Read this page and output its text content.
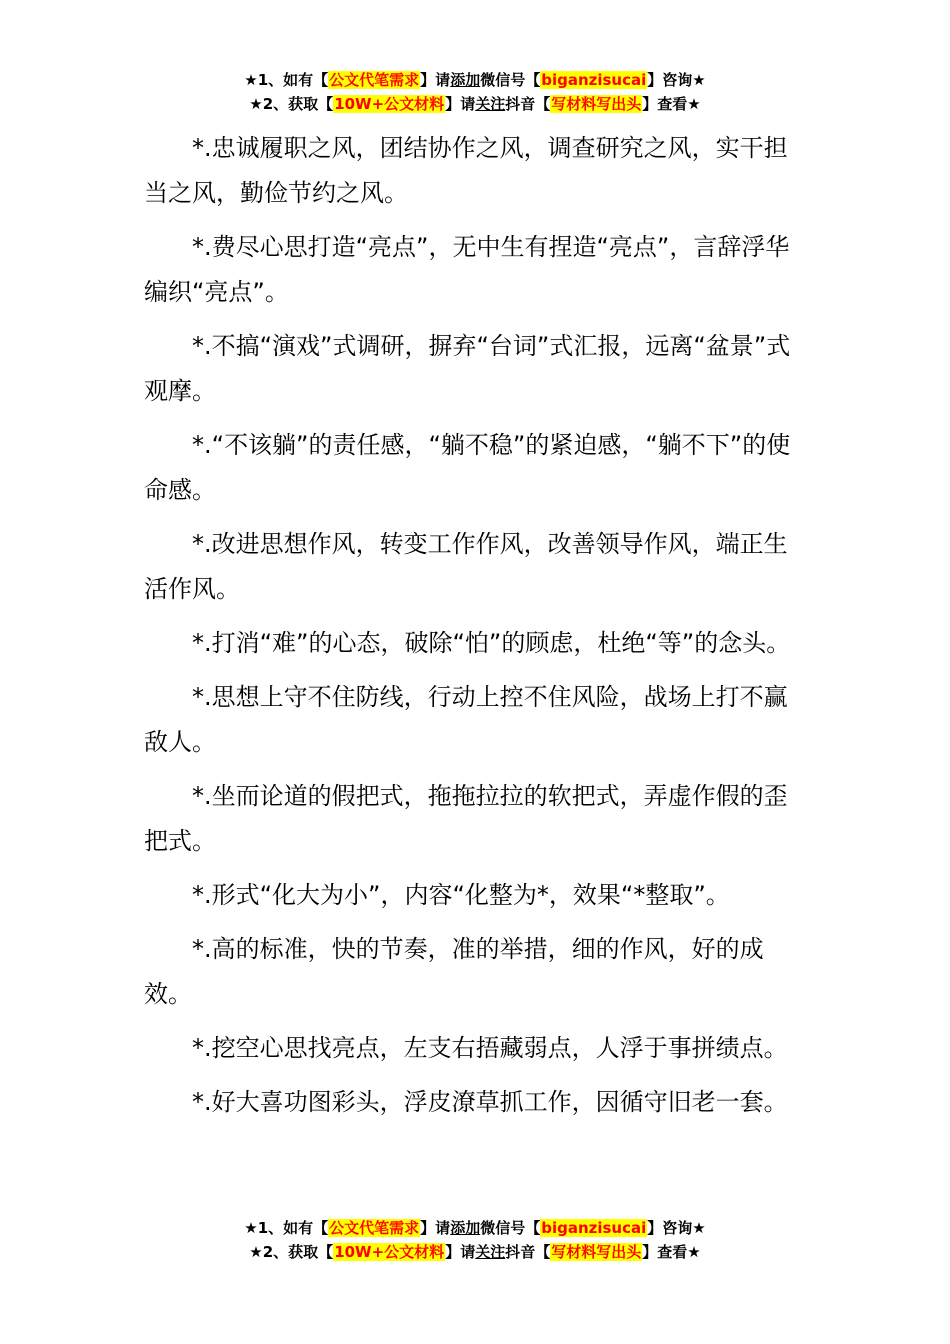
★1、如有【公文代笔需求】请添加微信号【biganzisucai】咨询★
★2、获取【10W+公文材料】请关注抖音【写材料写出头】查看★

*.忠诚履职之风，团结协作之风，调查研究之风，实干担当之风，勤俭节约之风。

*.费尽心思打造“亮点”，无中生有捏造“亮点”，言辞浮华编织“亮点”。

*.不搞“演戏”式调研，摒弃“台词”式汇报，远离“盆景”式观摩。

*.“不该躺”的责任感，“躺不稳”的紧迫感，“躺不下”的使命感。

*.改进思想作风，转变工作作风，改善领导作风，端正生活作风。

*.打消“难”的心态，破除“怕”的顾虑，杜绝“等”的念头。

*.思想上守不住防线，行动上控不住风险，战场上打不赢敌人。

*.坐而论道的假把式，拖拖拉拉的软把式，弄虚作假的歪把式。

*.形式“化大为小”，内容“化整为*，效果“*整取”。

*.高的标准，快的节奏，准的举措，细的作风，好的成效。

*.挖空心思找亮点，左支右捂藏弱点，人浮于事拼绩点。

*.好大喜功图彩头，浮皮潦草抓工作，因循守旧老一套。

★1、如有【公文代笔需求】请添加微信号【biganzisucai】咨询★
★2、获取【10W+公文材料】请关注抖音【写材料写出头】查看★
